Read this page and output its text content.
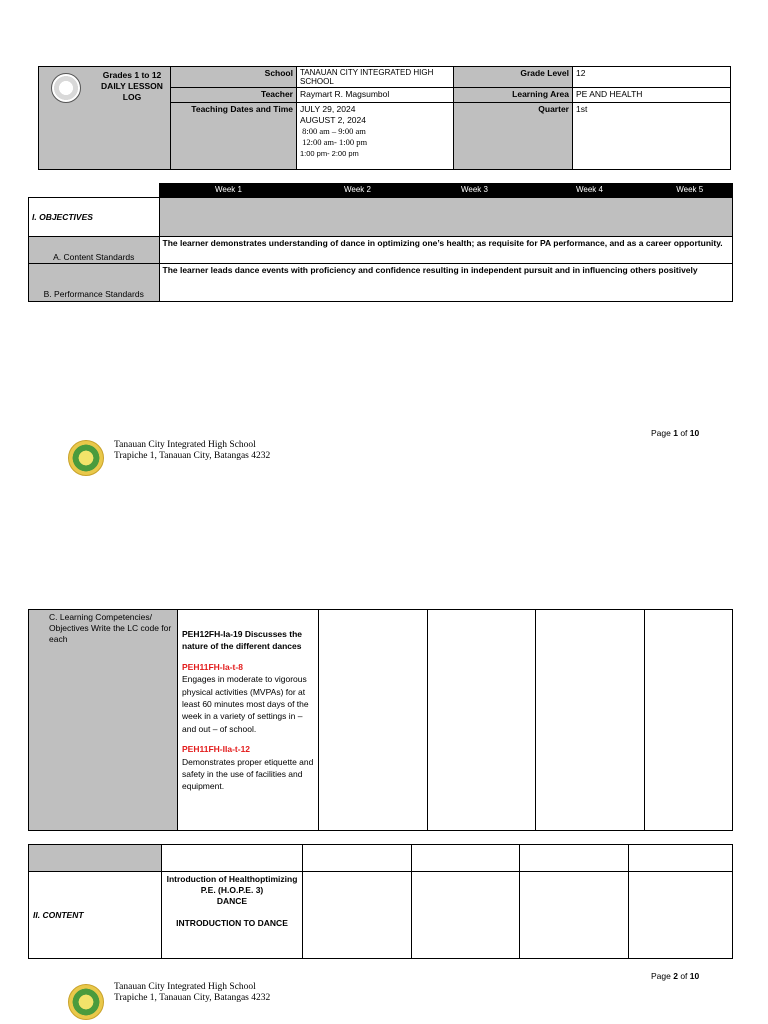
Grades 1 to 12
DAILY LESSON
LOG	School	TANAUAN CITY INTEGRATED HIGH SCHOOL	Grade Level	12
	Teacher	Raymart R. Magsumbol	Learning Area	PE AND HEALTH
	Teaching Dates and Time	JULY 29, 2024
AUGUST 2, 2024
8:00 am – 9:00 am
12:00 am- 1:00 pm
1:00 pm- 2:00 pm	Quarter	1st
	Week 1	Week 2	Week 3	Week 4	Week 5
I. OBJECTIVES					
A. Content Standards	The learner demonstrates understanding of dance in optimizing one’s health; as requisite for PA performance, and as a career opportunity.				
B. Performance Standards	The learner leads dance events with proficiency and confidence resulting in independent pursuit and in influencing others positively				
Page 1 of 10
Tanauan City Integrated High School
Trapiche 1, Tanauan City, Batangas 4232
C. Learning Competencies/ Objectives Write the LC code for each	PEH12FH-Ia-19 Discusses the nature of the different dances

PEH11FH-Ia-t-8

Engages in moderate to vigorous physical activities (MVPAs) for at least 60 minutes most days of the week in a variety of settings in – and out – of school.

PEH11FH-IIa-t-12

Demonstrates proper etiquette and safety in the use of facilities and equipment.

II. CONTENT	Introduction of Healthoptimizing P.E. (H.O.P.E. 3)

DANCE

INTRODUCTION TO DANCE				

Page 2 of 10
Tanauan City Integrated High School
Trapiche 1, Tanauan City, Batangas 4232
